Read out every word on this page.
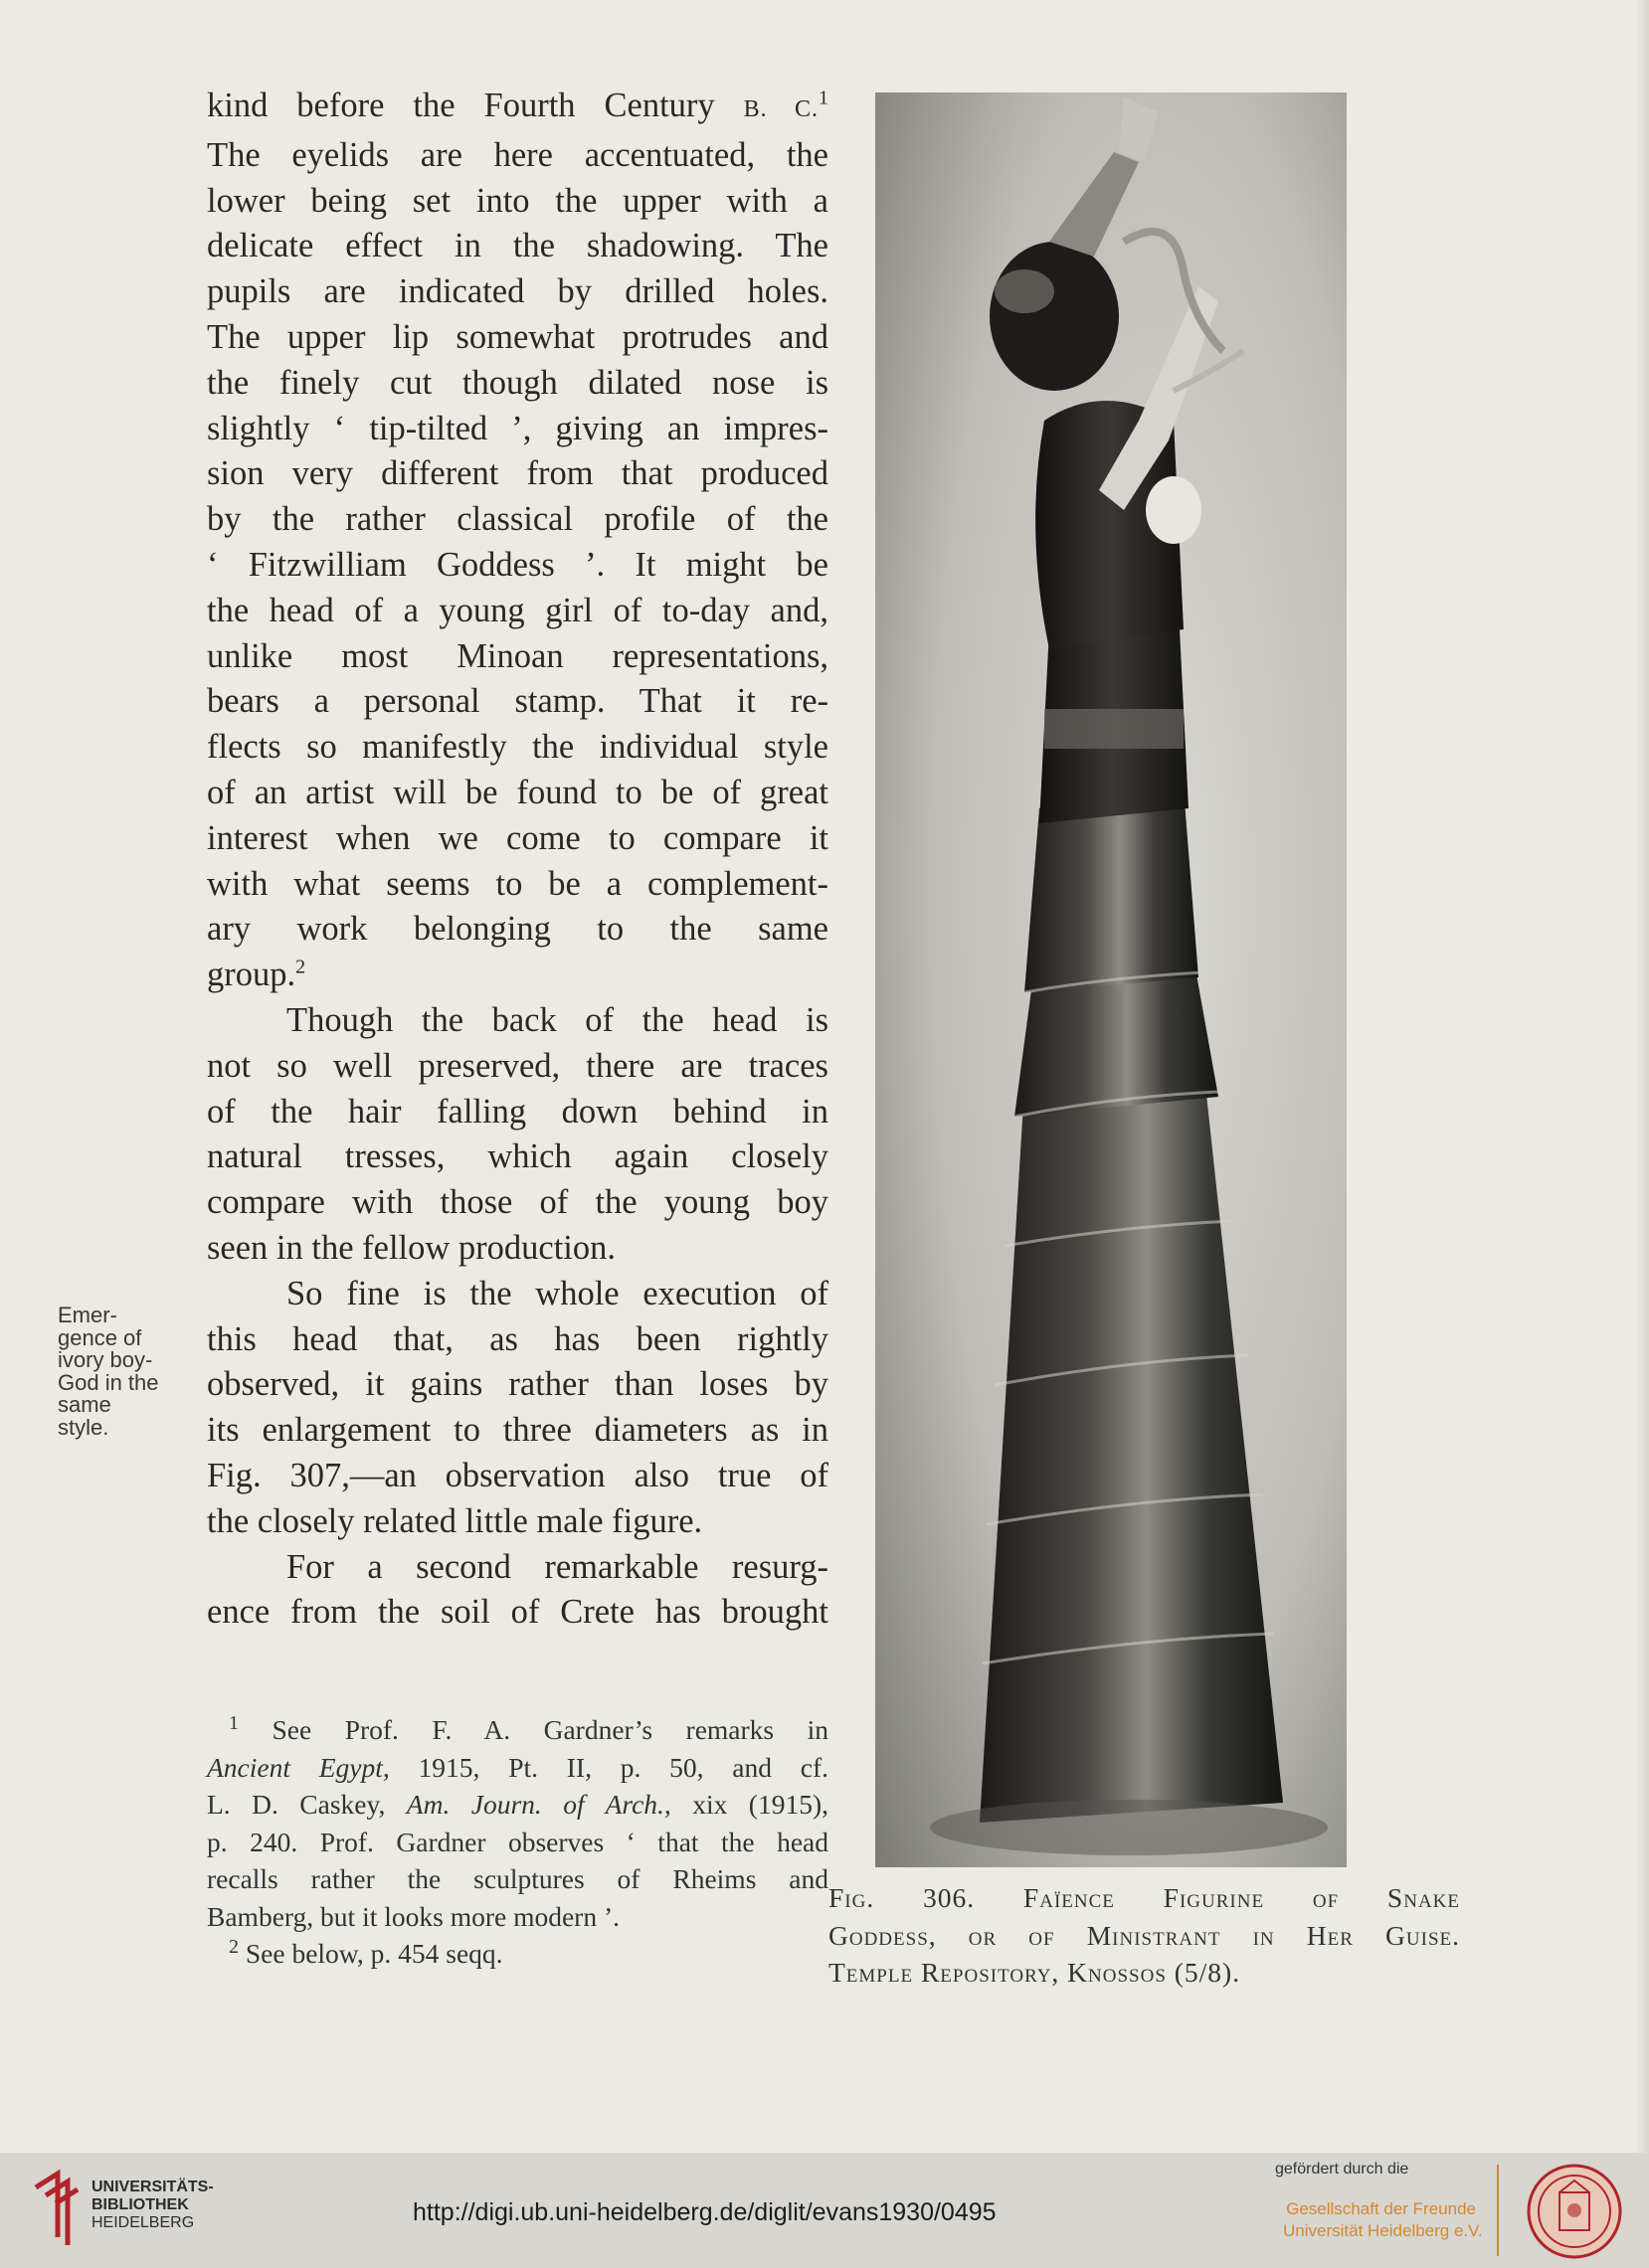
kind before the Fourth Century B. C.$^1$
The eyelids are here accentuated, the
lower being set into the upper with a
delicate effect in the shadowing. The
pupils are indicated by drilled holes.
The upper lip somewhat protrudes and
the finely cut though dilated nose is
slightly ‘ tip-tilted ’, giving an impres-
sion very different from that produced
by the rather classical profile of the
‘ Fitzwilliam Goddess ’. It might be
the head of a young girl of to-day and,
unlike most Minoan representations,
bears a personal stamp. That it re-
flects so manifestly the individual style
of an artist will be found to be of great
interest when we come to compare it
with what seems to be a complement-
ary work belonging to the same
group.$^2$
Though the back of the head is
not so well preserved, there are traces
of the hair falling down behind in
natural tresses, which again closely
compare with those of the young boy
seen in the fellow production.
So fine is the whole execution of
this head that, as has been rightly
observed, it gains rather than loses by
its enlargement to three diameters as in
Fig. 307,—an observation also true of
the closely related little male figure.
For a second remarkable resurg-
ence from the soil of Crete has brought
Emer-
gence of
ivory boy-
God in the
same
style.
$^1$ See Prof. F. A. Gardner’s remarks in
Ancient Egypt, 1915, Pt. II, p. 50, and cf.
L. D. Caskey, Am. Journ. of Arch., xix (1915),
p. 240. Prof. Gardner observes ‘ that the head
recalls rather the sculptures of Rheims and
Bamberg, but it looks more modern ’.
$^2$ See below, p. 454 seqq.
Fig. 306. Faïence Figurine of Snake
Goddess, or of Ministrant in Her Guise.
Temple Repository, Knossos (5/8).
UNIVERSITÄTS-
BIBLIOTHEK
HEIDELBERG	http://digi.ub.uni-heidelberg.de/diglit/evans1930/0495
gefördert durch die
Gesellschaft der Freunde
Universität Heidelberg e.V.
